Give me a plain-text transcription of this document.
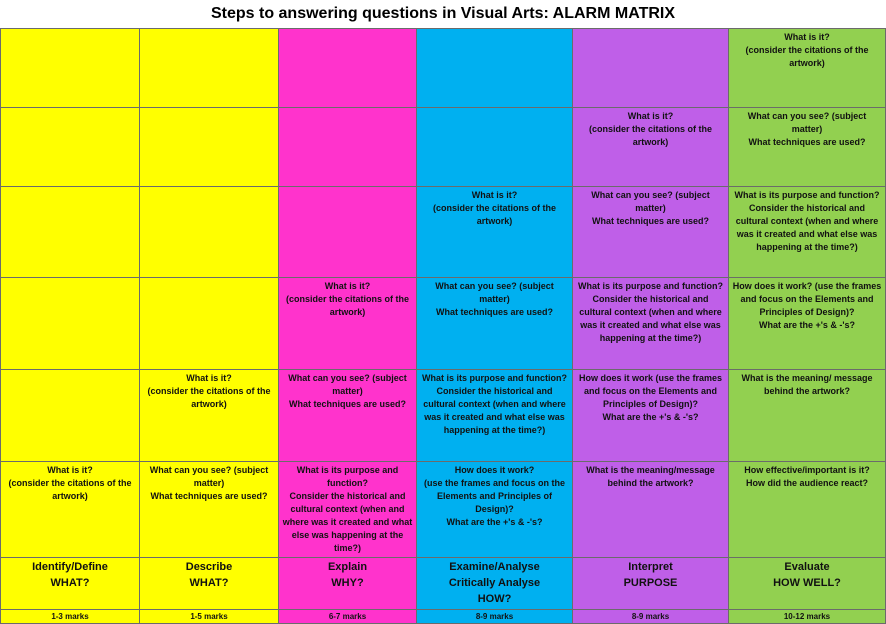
Steps to answering questions in Visual Arts: ALARM MATRIX

					What is it?
(consider the citations of the artwork)

				What is it?
(consider the citations of the artwork)	What can you see? (subject matter)
What techniques are used?

			What is it?
(consider the citations of the artwork)	What can you see? (subject matter)
What techniques are used?	What is its purpose and function?
Consider the historical and cultural context (when and where was it created and what else was happening at the time?)

		What is it?
(consider the citations of the artwork)	What can you see? (subject matter)
What techniques are used?	What is its purpose and function?
Consider the historical and cultural context (when and where was it created and what else was happening at the time?)	How does it work? (use the frames and focus on the Elements and Principles of Design)?
What are the +'s & -'s?

	What is it?
(consider the citations of the artwork)	What can you see? (subject matter)
What techniques are used?	What is its purpose and function?
Consider the historical and cultural context (when and where was it created and what else was happening at the time?)	How does it work (use the frames and focus on the Elements and Principles of Design)?
What are the +'s & -'s?	What is the meaning/ message behind the artwork?

What is it?
(consider the citations of the artwork)	What can you see? (subject matter)
What techniques are used?	What is its purpose and function?
Consider the historical and cultural context (when and where was it created and what else was happening at the time?)	How does it work?
(use the frames and focus on the Elements and Principles of Design)?
What are the +'s & -'s?	What is the meaning/message behind the artwork?	How effective/important is it?
How did the audience react?

Identify/Define
WHAT?	Describe
WHAT?	Explain
WHY?	Examine/Analyse
Critically Analyse
HOW?	Interpret
PURPOSE	Evaluate
HOW WELL?

1-3 marks	1-5 marks	6-7 marks	8-9 marks	8-9 marks	10-12 marks
